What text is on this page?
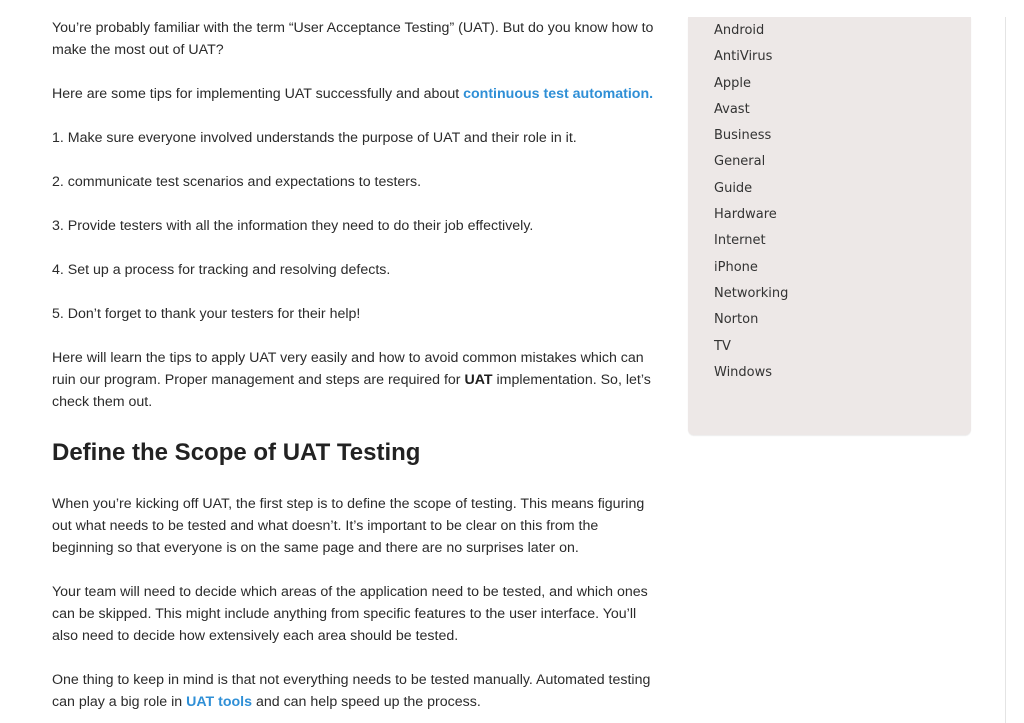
You’re probably familiar with the term “User Acceptance Testing” (UAT). But do you know how to make the most out of UAT?

Here are some tips for implementing UAT successfully and about continuous test automation.

1. Make sure everyone involved understands the purpose of UAT and their role in it.

2. communicate test scenarios and expectations to testers.

3. Provide testers with all the information they need to do their job effectively.

4. Set up a process for tracking and resolving defects.

5. Don’t forget to thank your testers for their help!

Here will learn the tips to apply UAT very easily and how to avoid common mistakes which can ruin our program. Proper management and steps are required for UAT implementation. So, let’s check them out.

Define the Scope of UAT Testing

When you’re kicking off UAT, the first step is to define the scope of testing. This means figuring out what needs to be tested and what doesn’t. It’s important to be clear on this from the beginning so that everyone is on the same page and there are no surprises later on.

Your team will need to decide which areas of the application need to be tested, and which ones can be skipped. This might include anything from specific features to the user interface. You’ll also need to decide how extensively each area should be tested.

One thing to keep in mind is that not everything needs to be tested manually. Automated testing can play a big role in UAT tools and can help speed up the process.

Android
AntiVirus
Apple
Avast
Business
General
Guide
Hardware
Internet
iPhone
Networking
Norton
TV
Windows
